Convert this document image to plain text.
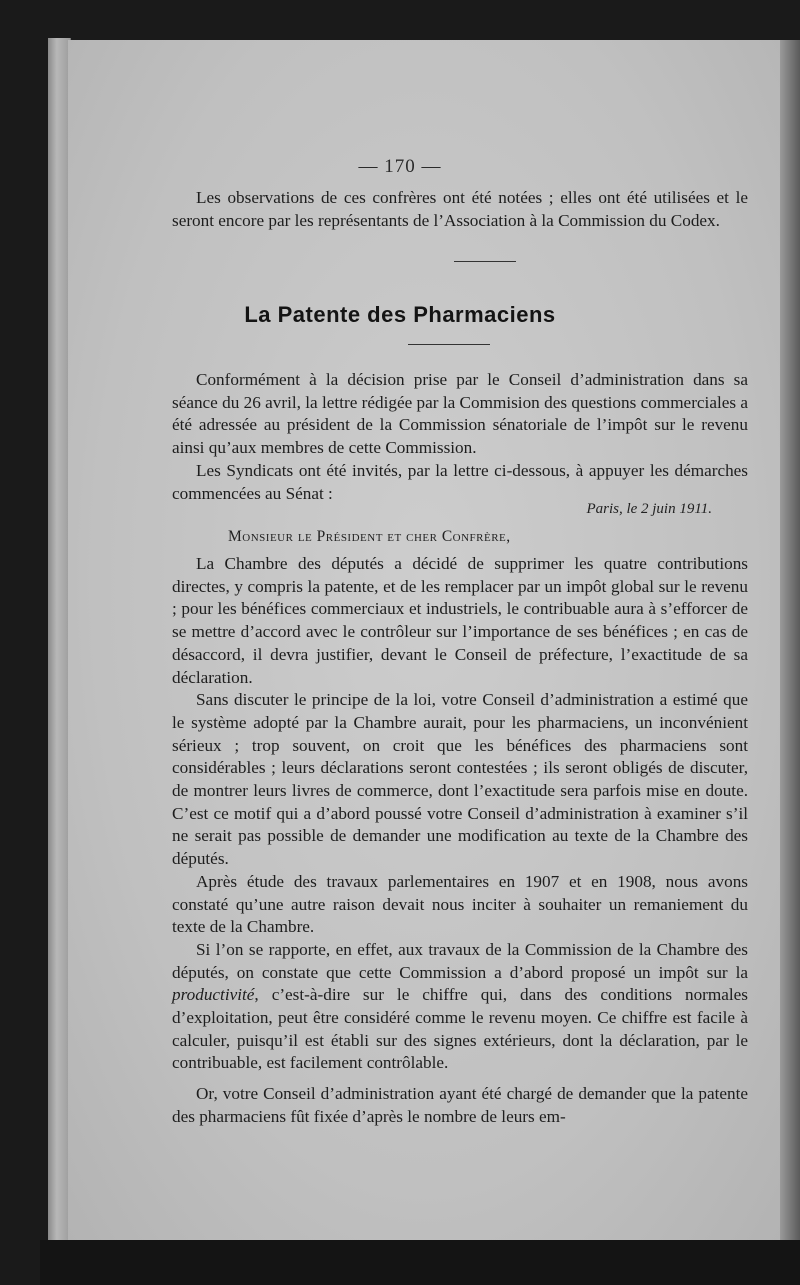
— 170 —

Les observations de ces confrères ont été notées ; elles ont été utilisées et le seront encore par les représentants de l’Association à la Commission du Codex.

La Patente des Pharmaciens

Conformément à la décision prise par le Conseil d’administration dans sa séance du 26 avril, la lettre rédigée par la Commision des questions commerciales a été adressée au président de la Commission sénatoriale de l’impôt sur le revenu ainsi qu’aux membres de cette Commission.

Les Syndicats ont été invités, par la lettre ci-dessous, à appuyer les démarches commencées au Sénat :

Paris, le 2 juin 1911.
Monsieur le Président et cher Confrère,

La Chambre des députés a décidé de supprimer les quatre contributions directes, y compris la patente, et de les remplacer par un impôt global sur le revenu ; pour les bénéfices commerciaux et industriels, le contribuable aura à s’efforcer de se mettre d’accord avec le contrôleur sur l’importance de ses bénéfices ; en cas de désaccord, il devra justifier, devant le Conseil de préfecture, l’exactitude de sa déclaration.

Sans discuter le principe de la loi, votre Conseil d’administration a estimé que le système adopté par la Chambre aurait, pour les pharmaciens, un inconvénient sérieux ; trop souvent, on croit que les bénéfices des pharmaciens sont considérables ; leurs déclarations seront contestées ; ils seront obligés de discuter, de montrer leurs livres de commerce, dont l’exactitude sera parfois mise en doute. C’est ce motif qui a d’abord poussé votre Conseil d’administration à examiner s’il ne serait pas possible de demander une modification au texte de la Chambre des députés.

Après étude des travaux parlementaires en 1907 et en 1908, nous avons constaté qu’une autre raison devait nous inciter à souhaiter un remaniement du texte de la Chambre.

Si l’on se rapporte, en effet, aux travaux de la Commission de la Chambre des députés, on constate que cette Commission a d’abord proposé un impôt sur la productivité, c’est-à-dire sur le chiffre qui, dans des conditions normales d’exploitation, peut être considéré comme le revenu moyen. Ce chiffre est facile à calculer, puisqu’il est établi sur des signes extérieurs, dont la déclaration, par le contribuable, est facilement contrôlable.

Or, votre Conseil d’administration ayant été chargé de demander que la patente des pharmaciens fût fixée d’après le nombre de leurs em-
